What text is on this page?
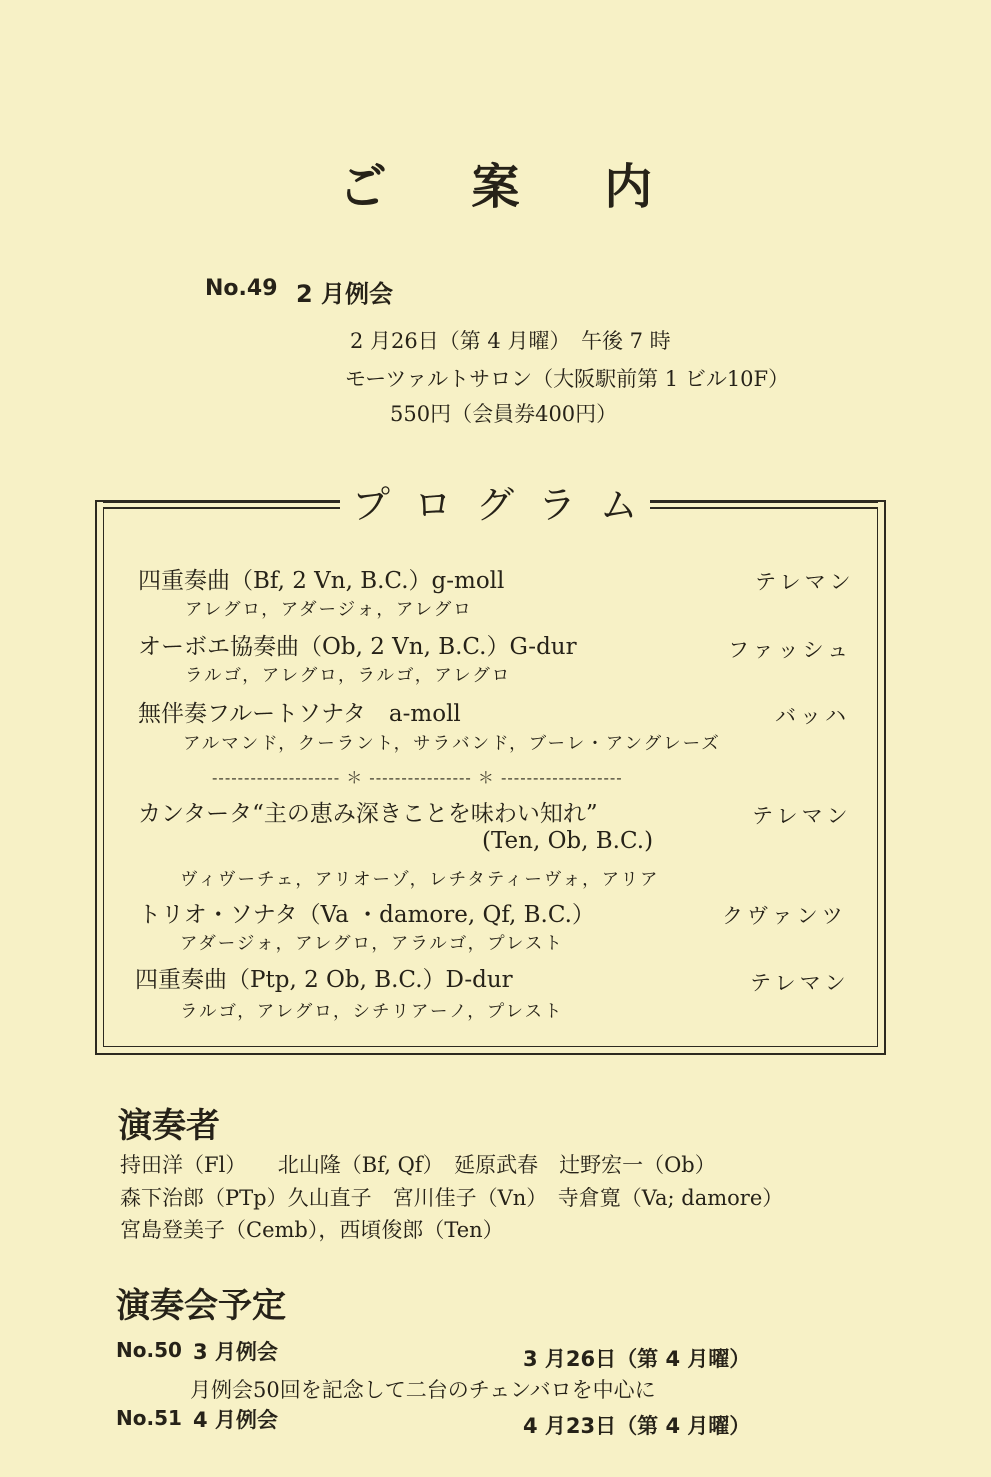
ご 案 内
No.49 2 月例会
2 月26日（第 4 月曜）　午後 7 時
モーツァルトサロン（大阪駅前第 1 ビル10F）
550円（会員券400円）
プログラム
四重奏曲（Bf, 2 Vn, B.C.）g-moll	テレマン
アレグロ，アダージォ，アレグロ
オーボエ協奏曲（Ob, 2 Vn, B.C.）G-dur	ファッシュ
ラルゴ，アレグロ，ラルゴ，アレグロ
無伴奏フルートソナタ　a-moll	バッハ
アルマンド，クーラント，サラバンド，ブーレ・アングレーズ
-------------------- ＊ ---------------- ＊ -------------------
カンタータ“主の恵み深きことを味わい知れ”	テレマン
(Ten, Ob, B.C.)
ヴィヴーチェ，アリオーゾ，レチタティーヴォ，アリア
トリオ・ソナタ（Va ・damore, Qf, B.C.）	クヴァンツ
アダージォ，アレグロ，アラルゴ，プレスト
四重奏曲（Ptp, 2 Ob, B.C.）D-dur	テレマン
ラルゴ，アレグロ，シチリアーノ，プレスト
演奏者
持田洋（Fl）　　北山隆（Bf, Qf）　延原武春　辻野宏一（Ob）
森下治郎（PTp）久山直子　宮川佳子（Vn）　寺倉寛（Va; damore）
宮島登美子（Cemb），西頃俊郎（Ten）
演奏会予定
No.50 3 月例会	3 月26日（第 4 月曜）
月例会50回を記念して二台のチェンバロを中心に
No.51 4 月例会	4 月23日（第 4 月曜）
